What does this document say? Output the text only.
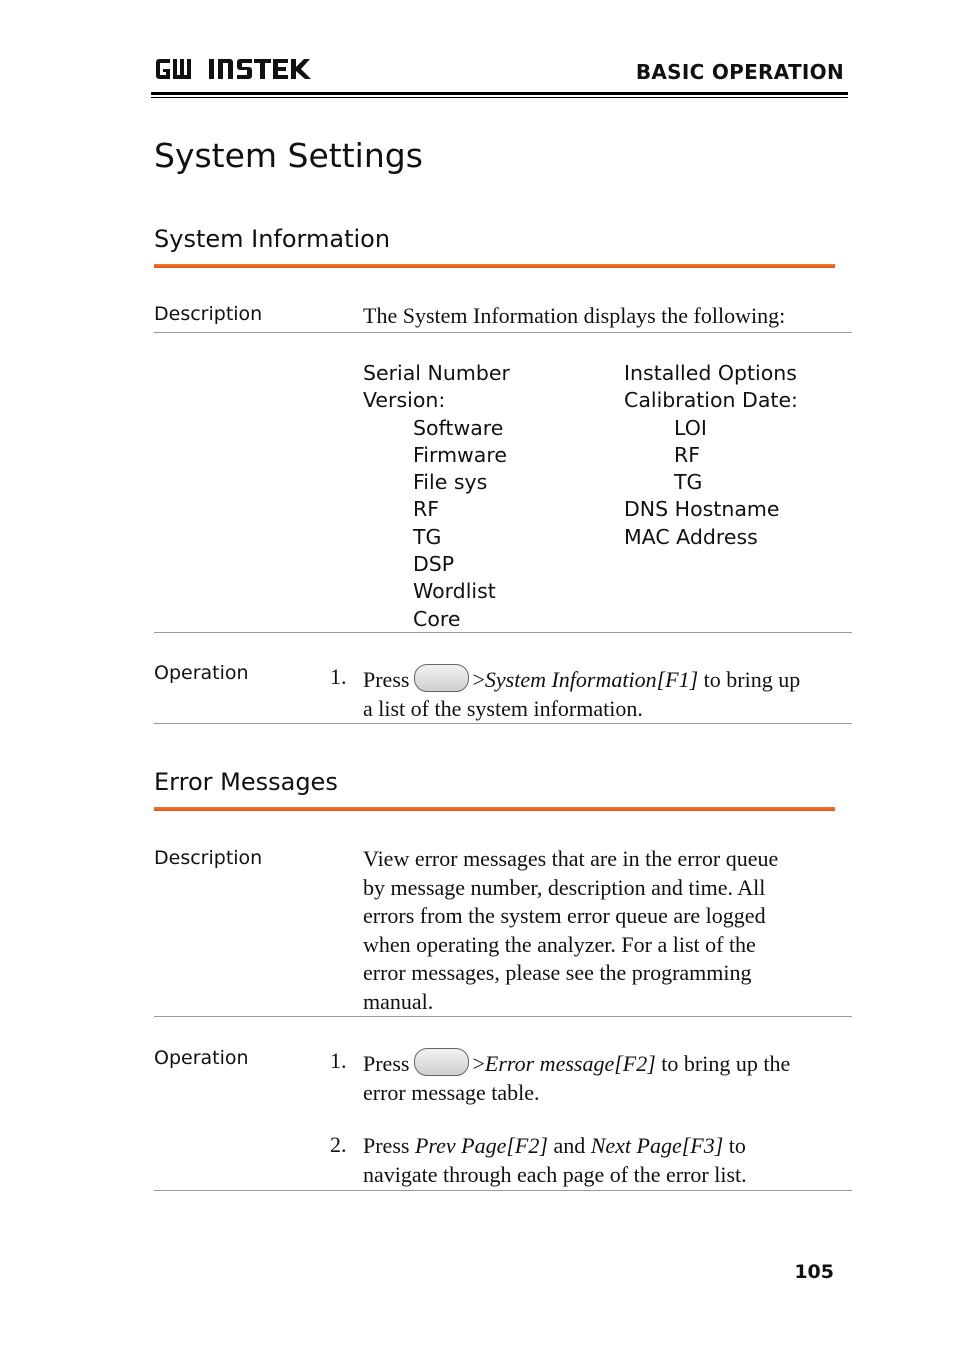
BASIC OPERATION
System Settings
System Information
Description	The System Information displays the following:
Serial Number
Version:
Software
Firmware
File sys
RF
TG
DSP
Wordlist
Core
Installed Options
Calibration Date:
LOI
RF
TG
DNS Hostname
MAC Address
Operation	1. Press	>System Information[F1] to bring up
a list of the system information.
Error Messages
Description	View error messages that are in the error queue
by message number, description and time. All
errors from the system error queue are logged
when operating the analyzer. For a list of the
error messages, please see the programming
manual.
Operation	1. Press	>Error message[F2] to bring up the
error message table.
2. Press Prev Page[F2] and Next Page[F3] to
navigate through each page of the error list.
105
